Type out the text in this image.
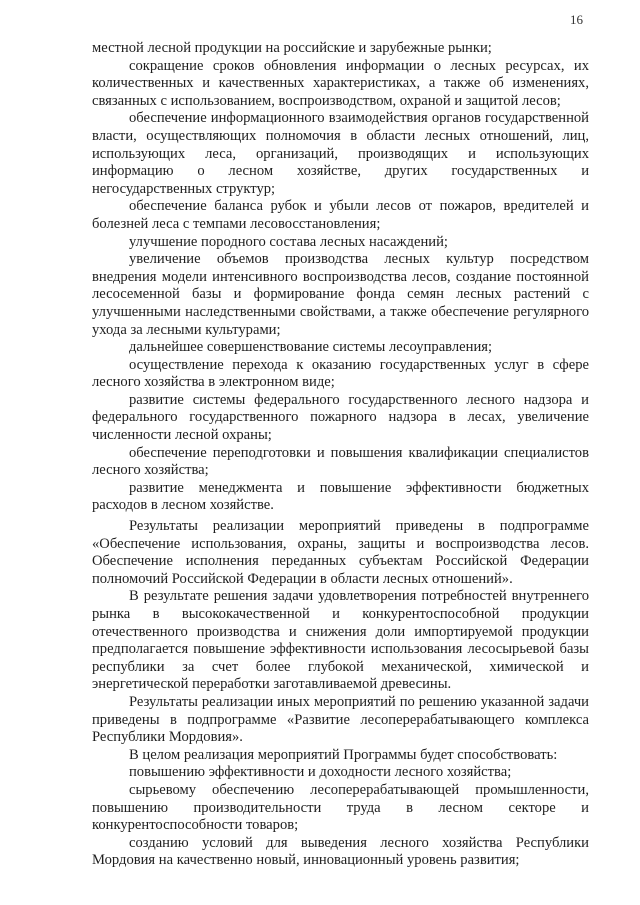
16

местной лесной продукции на российские и зарубежные рынки;

сокращение сроков обновления информации о лесных ресурсах, их количественных и качественных характеристиках, а также об изменениях, связанных с использованием, воспроизводством, охраной и защитой лесов;

обеспечение информационного взаимодействия органов государственной власти, осуществляющих полномочия в области лесных отношений, лиц, использующих леса, организаций, производящих и использующих информацию о лесном хозяйстве, других государственных и негосударственных структур;

обеспечение баланса рубок и убыли лесов от пожаров, вредителей и болезней леса с темпами лесовосстановления;

улучшение породного состава лесных насаждений;

увеличение объемов производства лесных культур посредством внедрения модели интенсивного воспроизводства лесов, создание постоянной лесосеменной базы и формирование фонда семян лесных растений с улучшенными наследственными свойствами, а также обеспечение регулярного ухода за лесными культурами;

дальнейшее совершенствование системы лесоуправления;

осуществление перехода к оказанию государственных услуг в сфере лесного хозяйства в электронном виде;

развитие системы федерального государственного лесного надзора и федерального государственного пожарного надзора в лесах, увеличение численности лесной охраны;

обеспечение переподготовки и повышения квалификации специалистов лесного хозяйства;

развитие менеджмента и повышение эффективности бюджетных расходов в лесном хозяйстве.

Результаты реализации мероприятий приведены в подпрограмме «Обеспечение использования, охраны, защиты и воспроизводства лесов. Обеспечение исполнения переданных субъектам Российской Федерации полномочий Российской Федерации в области лесных отношений».

В результате решения задачи удовлетворения потребностей внутреннего рынка в высококачественной и конкурентоспособной продукции отечественного производства и снижения доли импортируемой продукции предполагается повышение эффективности использования лесосырьевой базы республики за счет более глубокой механической, химической и энергетической переработки заготавливаемой древесины.

Результаты реализации иных мероприятий по решению указанной задачи приведены в подпрограмме «Развитие лесоперерабатывающего комплекса Республики Мордовия».

В целом реализация мероприятий Программы будет способствовать:

повышению эффективности и доходности лесного хозяйства;

сырьевому обеспечению лесоперерабатывающей промышленности, повышению производительности труда в лесном секторе и конкурентоспособности товаров;

созданию условий для выведения лесного хозяйства Республики Мордовия на качественно новый, инновационный уровень развития;
